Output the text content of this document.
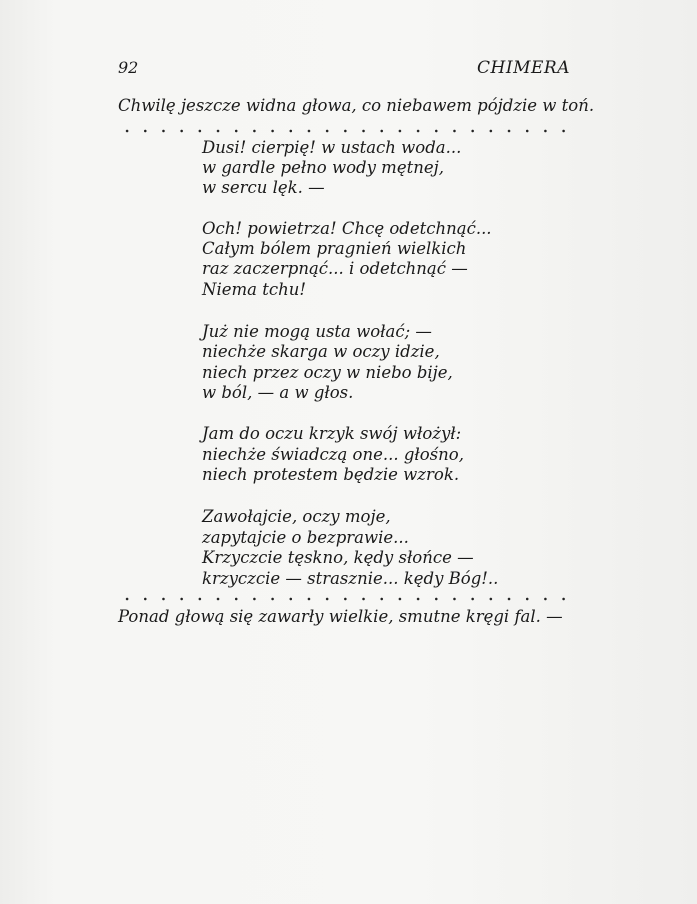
92	CHIMERA
Chwilę jeszcze widna głowa, co niebawem pójdzie w toń.
Dusi! cierpię! w ustach woda...
w gardle pełno wody mętnej,
w sercu lęk. —
Och! powietrza! Chcę odetchnąć...
Całym bólem pragnień wielkich
raz zaczerpnąć... i odetchnąć —
Niema tchu!
Już nie mogą usta wołać; —
niechże skarga w oczy idzie,
niech przez oczy w niebo bije,
w ból, — a w głos.
Jam do oczu krzyk swój włożył:
niechże świadczą one... głośno,
niech protestem będzie wzrok.
Zawołajcie, oczy moje,
zapytajcie o bezprawie...
Krzyczcie tęskno, kędy słońce —
krzyczcie — strasznie... kędy Bóg!..
Ponad głową się zawarły wielkie, smutne kręgi fal. —
